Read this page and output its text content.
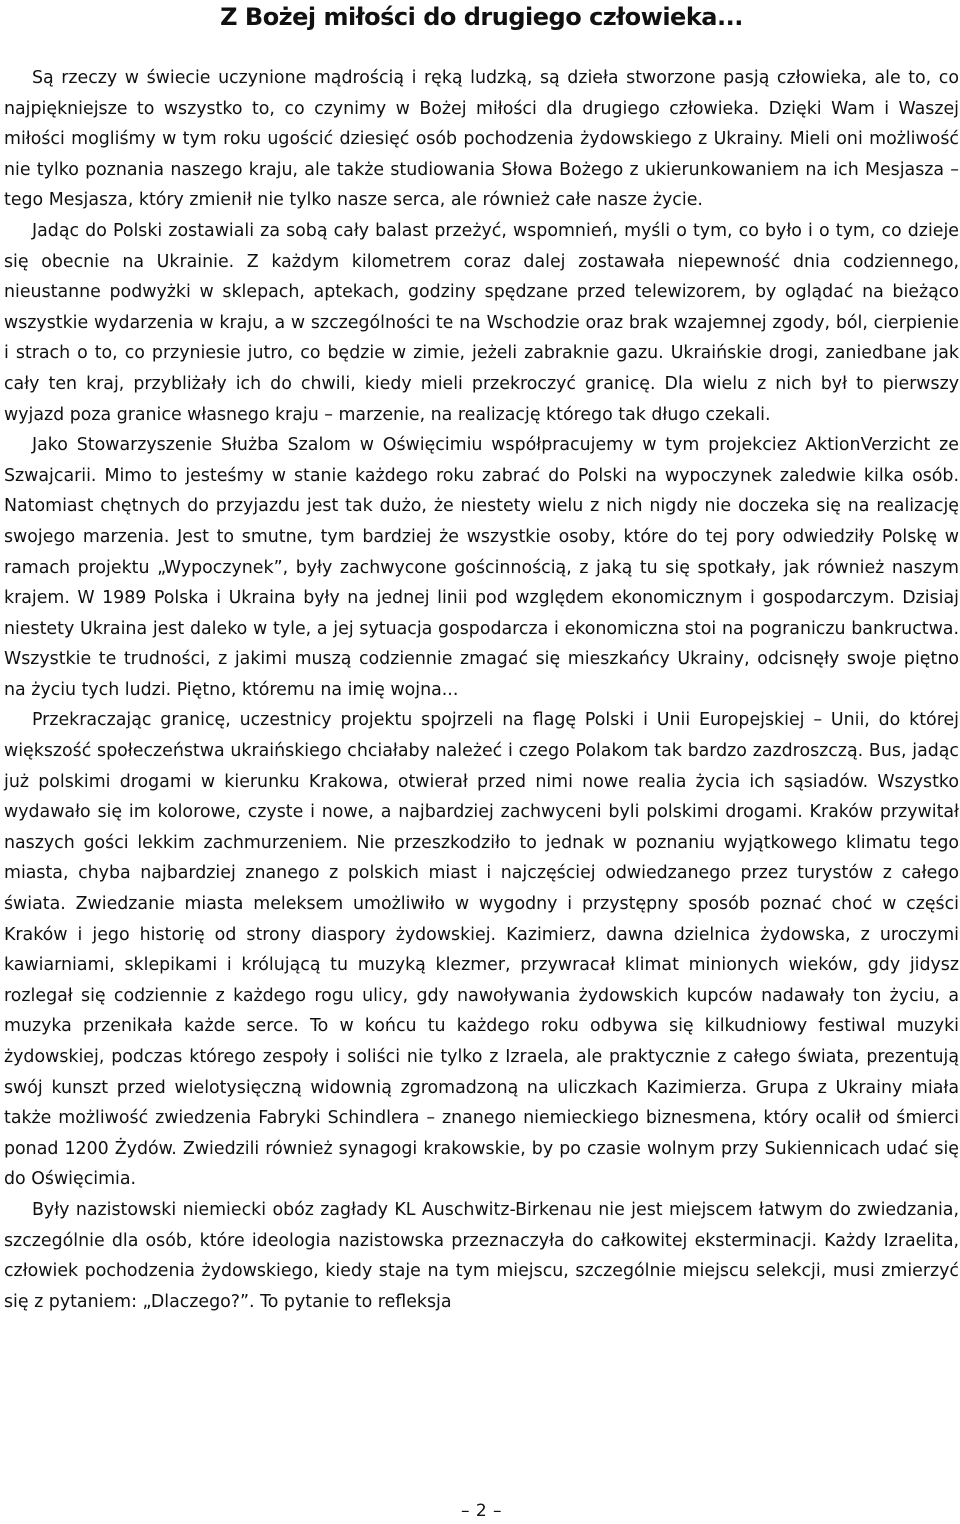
Z Bożej miłości do drugiego człowieka...

Są rzeczy w świecie uczynione mądrością i ręką ludzką, są dzieła stworzone pasją człowieka, ale to, co najpiękniejsze to wszystko to, co czynimy w Bożej miłości dla drugiego człowieka. Dzięki Wam i Waszej miłości mogliśmy w tym roku ugościć dziesięć osób pochodzenia żydowskiego z Ukrainy. Mieli oni możliwość nie tylko poznania naszego kraju, ale także studiowania Słowa Bożego z ukierunkowaniem na ich Mesjasza – tego Mesjasza, który zmienił nie tylko nasze serca, ale również całe nasze życie.

Jadąc do Polski zostawiali za sobą cały balast przeżyć, wspomnień, myśli o tym, co było i o tym, co dzieje się obecnie na Ukrainie. Z każdym kilometrem coraz dalej zostawała niepewność dnia codziennego, nieustanne podwyżki w sklepach, aptekach, godziny spędzane przed telewizorem, by oglądać na bieżąco wszystkie wydarzenia w kraju, a w szczególności te na Wschodzie oraz brak wzajemnej zgody, ból, cierpienie i strach o to, co przyniesie jutro, co będzie w zimie, jeżeli zabraknie gazu. Ukraińskie drogi, zaniedbane jak cały ten kraj, przybliżały ich do chwili, kiedy mieli przekroczyć granicę. Dla wielu z nich był to pierwszy wyjazd poza granice własnego kraju – marzenie, na realizację którego tak długo czekali.

Jako Stowarzyszenie Służba Szalom w Oświęcimiu współpracujemy w tym projekciez AktionVerzicht ze Szwajcarii. Mimo to jesteśmy w stanie każdego roku zabrać do Polski na wypoczynek zaledwie kilka osób. Natomiast chętnych do przyjazdu jest tak dużo, że niestety wielu z nich nigdy nie doczeka się na realizację swojego marzenia. Jest to smutne, tym bardziej że wszystkie osoby, które do tej pory odwiedziły Polskę w ramach projektu „Wypoczynek”, były zachwycone gościnnością, z jaką tu się spotkały, jak również naszym krajem. W 1989 Polska i Ukraina były na jednej linii pod względem ekonomicznym i gospodarczym. Dzisiaj niestety Ukraina jest daleko w tyle, a jej sytuacja gospodarcza i ekonomiczna stoi na pograniczu bankructwa. Wszystkie te trudności, z jakimi muszą codziennie zmagać się mieszkańcy Ukrainy, odcisnęły swoje piętno na życiu tych ludzi. Piętno, któremu na imię wojna...

Przekraczając granicę, uczestnicy projektu spojrzeli na flagę Polski i Unii Europejskiej – Unii, do której większość społeczeństwa ukraińskiego chciałaby należeć i czego Polakom tak bardzo zazdroszczą. Bus, jadąc już polskimi drogami w kierunku Krakowa, otwierał przed nimi nowe realia życia ich sąsiadów. Wszystko wydawało się im kolorowe, czyste i nowe, a najbardziej zachwyceni byli polskimi drogami. Kraków przywitał naszych gości lekkim zachmurzeniem. Nie przeszkodziło to jednak w poznaniu wyjątkowego klimatu tego miasta, chyba najbardziej znanego z polskich miast i najczęściej odwiedzanego przez turystów z całego świata. Zwiedzanie miasta meleksem umożliwiło w wygodny i przystępny sposób poznać choć w części Kraków i jego historię od strony diaspory żydowskiej. Kazimierz, dawna dzielnica żydowska, z uroczymi kawiarniami, sklepikami i królującą tu muzyką klezmer, przywracał klimat minionych wieków, gdy jidysz rozlegał się codziennie z każdego rogu ulicy, gdy nawoływania żydowskich kupców nadawały ton życiu, a muzyka przenikała każde serce. To w końcu tu każdego roku odbywa się kilkudniowy festiwal muzyki żydowskiej, podczas którego zespoły i soliści nie tylko z Izraela, ale praktycznie z całego świata, prezentują swój kunszt przed wielotysięczną widownią zgromadzoną na uliczkach Kazimierza. Grupa z Ukrainy miała także możliwość zwiedzenia Fabryki Schindlera – znanego niemieckiego biznesmena, który ocalił od śmierci ponad 1200 Żydów. Zwiedzili również synagogi krakowskie, by po czasie wolnym przy Sukiennicach udać się do Oświęcimia.

Były nazistowski niemiecki obóz zagłady KL Auschwitz-Birkenau nie jest miejscem łatwym do zwiedzania, szczególnie dla osób, które ideologia nazistowska przeznaczyła do całkowitej eksterminacji. Każdy Izraelita, człowiek pochodzenia żydowskiego, kiedy staje na tym miejscu, szczególnie miejscu selekcji, musi zmierzyć się z pytaniem: „Dlaczego?”. To pytanie to refleksja

– 2 –
